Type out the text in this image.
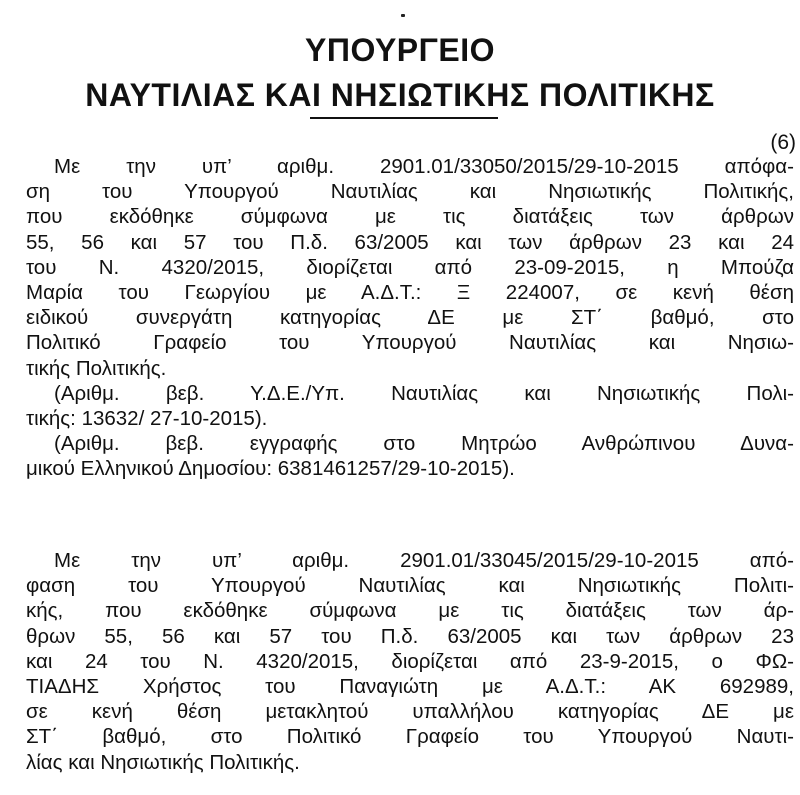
ΥΠΟΥΡΓΕΙΟ
ΝΑΥΤΙΛΙΑΣ ΚΑΙ ΝΗΣΙΩΤΙΚΗΣ ΠΟΛΙΤΙΚΗΣ
(6)
Με την υπ’ αριθμ. 2901.01/33050/2015/29-10-2015 απόφα-
ση του Υπουργού Ναυτιλίας και Νησιωτικής Πολιτικής,
που εκδόθηκε σύμφωνα με τις διατάξεις των άρθρων
55, 56 και 57 του Π.δ. 63/2005 και των άρθρων 23 και 24
του Ν. 4320/2015, διορίζεται από 23-09-2015, η Μπούζα
Μαρία του Γεωργίου με Α.Δ.Τ.: Ξ 224007, σε κενή θέση
ειδικού συνεργάτη κατηγορίας ΔΕ με ΣΤ΄ βαθμό, στο
Πολιτικό Γραφείο του Υπουργού Ναυτιλίας και Νησιω-
τικής Πολιτικής.
(Αριθμ. βεβ. Υ.Δ.Ε./Υπ. Ναυτιλίας και Νησιωτικής Πολι-
τικής: 13632/ 27-10-2015).
(Αριθμ. βεβ. εγγραφής στο Μητρώο Ανθρώπινου Δυνα-
μικού Ελληνικού Δημοσίου: 6381461257/29-10-2015).
Με την υπ’ αριθμ. 2901.01/33045/2015/29-10-2015 από-
φαση του Υπουργού Ναυτιλίας και Νησιωτικής Πολιτι-
κής, που εκδόθηκε σύμφωνα με τις διατάξεις των άρ-
θρων 55, 56 και 57 του Π.δ. 63/2005 και των άρθρων 23
και 24 του Ν. 4320/2015, διορίζεται από 23-9-2015, ο ΦΩ-
ΤΙΑΔΗΣ Χρήστος του Παναγιώτη με Α.Δ.Τ.: ΑΚ 692989,
σε κενή θέση μετακλητού υπαλλήλου κατηγορίας ΔΕ με
ΣΤ΄ βαθμό, στο Πολιτικό Γραφείο του Υπουργού Ναυτι-
λίας και Νησιωτικής Πολιτικής.
